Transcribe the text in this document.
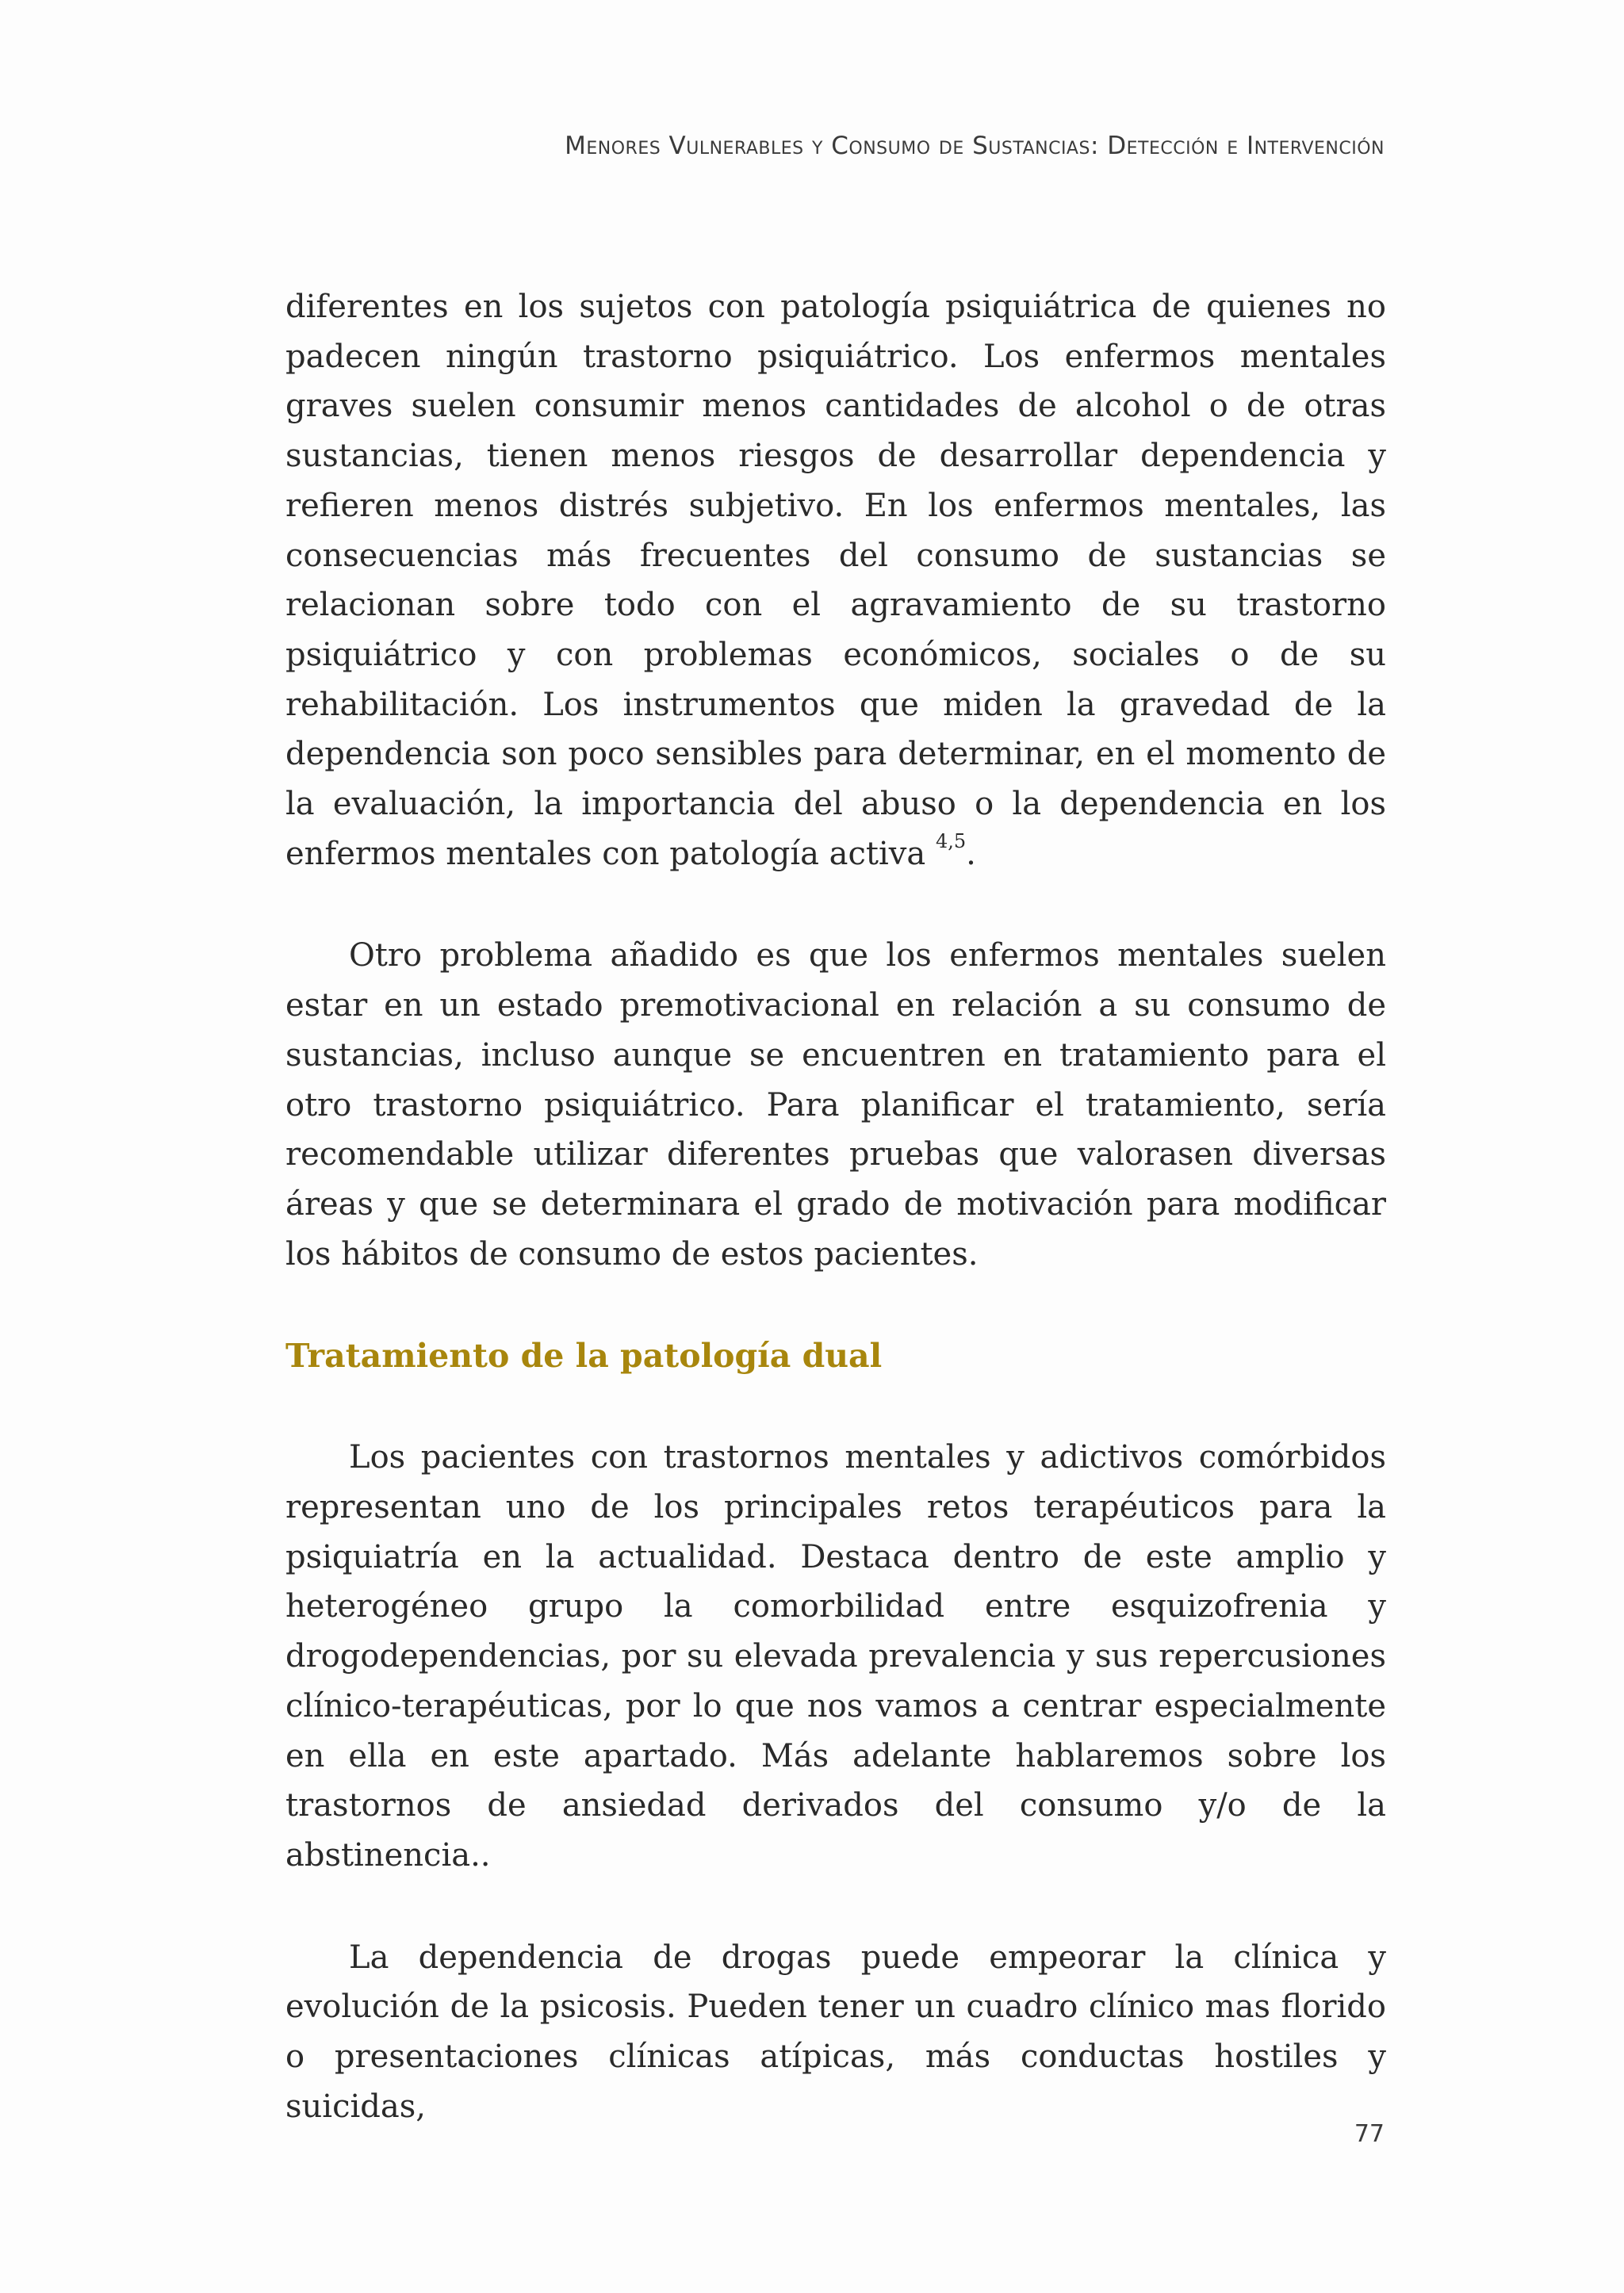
Menores Vulnerables y Consumo de Sustancias: Detección e Intervención

diferentes en los sujetos con patología psiquiátrica de quienes no padecen ningún trastorno psiquiátrico. Los enfermos mentales graves suelen consumir menos cantidades de alcohol o de otras sustancias, tienen menos riesgos de desarrollar dependencia y refieren menos distrés subjetivo. En los enfermos mentales, las consecuencias más frecuentes del consumo de sustancias se relacionan sobre todo con el agravamiento de su trastorno psiquiátrico y con problemas económicos, sociales o de su rehabilitación. Los instrumentos que miden la gravedad de la dependencia son poco sensibles para determinar, en el momento de la evaluación, la importancia del abuso o la dependencia en los enfermos mentales con patología activa $^{4,5}$.

Otro problema añadido es que los enfermos mentales suelen estar en un estado premotivacional en relación a su consumo de sustancias, incluso aunque se encuentren en tratamiento para el otro trastorno psiquiátrico. Para planificar el tratamiento, sería recomendable utilizar diferentes pruebas que valorasen diversas áreas y que se determinara el grado de motivación para modificar los hábitos de consumo de estos pacientes.

Tratamiento de la patología dual

Los pacientes con trastornos mentales y adictivos comórbidos representan uno de los principales retos terapéuticos para la psiquiatría en la actualidad. Destaca dentro de este amplio y heterogéneo grupo la comorbilidad entre esquizofrenia y drogodependencias, por su elevada prevalencia y sus repercusiones clínico-terapéuticas, por lo que nos vamos a centrar especialmente en ella en este apartado. Más adelante hablaremos sobre los trastornos de ansiedad derivados del consumo y/o de la abstinencia..

La dependencia de drogas puede empeorar la clínica y evolución de la psicosis. Pueden tener un cuadro clínico mas florido o presentaciones clínicas atípicas, más conductas hostiles y suicidas,

77
